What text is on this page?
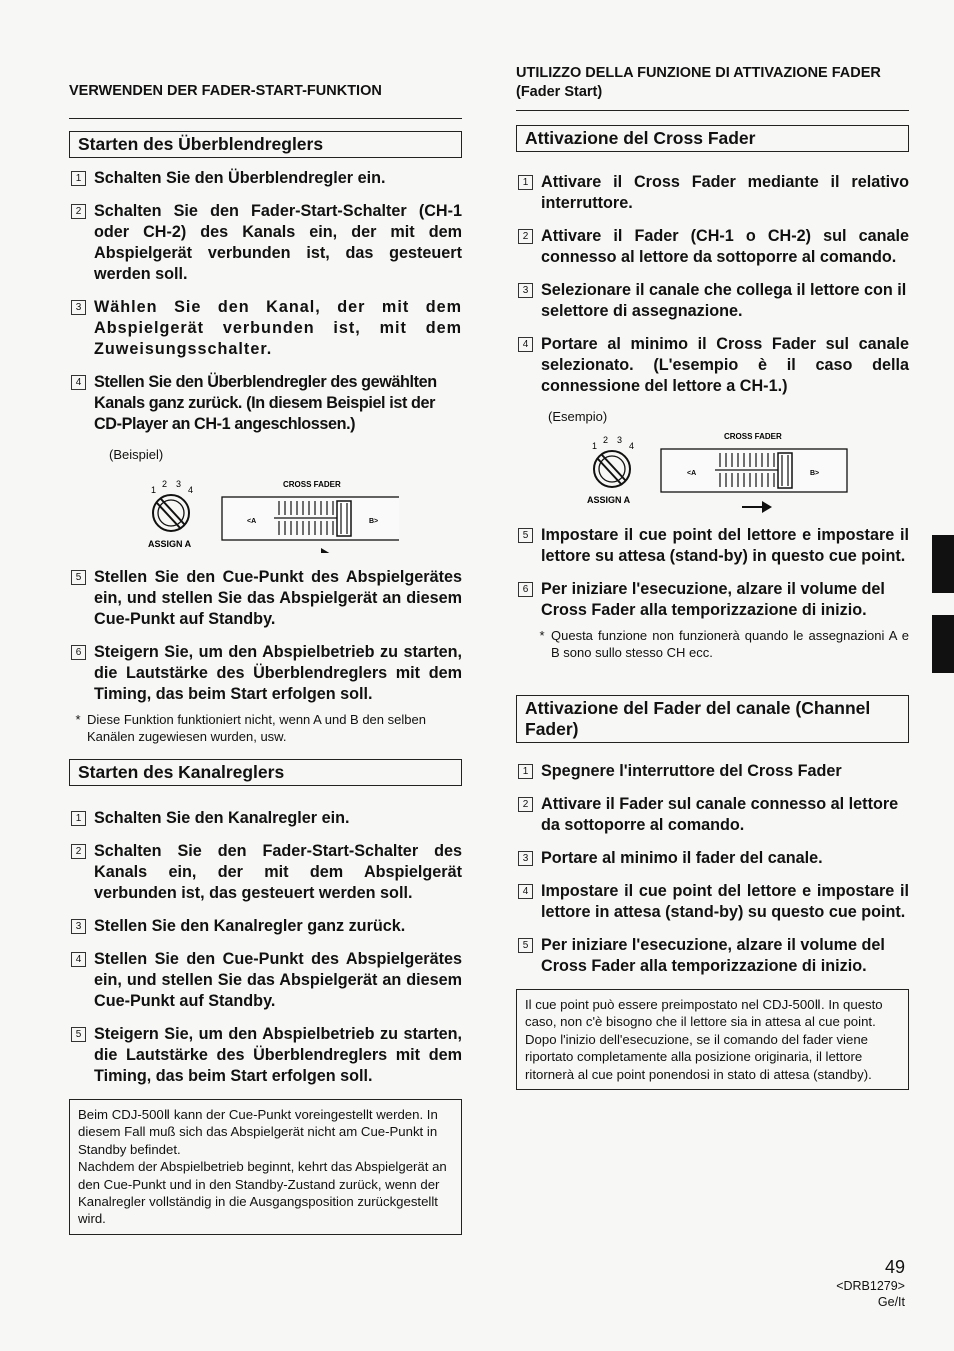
VERWENDEN DER FADER-START-FUNKTION

Starten des Überblendreglers
1 Schalten Sie den Überblendregler ein.
2 Schalten Sie den Fader-Start-Schalter (CH-1 oder CH-2) des Kanals ein, der mit dem Abspielgerät verbunden ist, das gesteuert werden soll.
3 Wählen Sie den Kanal, der mit dem Abspielgerät verbunden ist, mit dem Zuweisungsschalter.
4 Stellen Sie den Überblendregler des gewählten Kanals ganz zurück. (In diesem Beispiel ist der CD-Player an CH-1 angeschlossen.)
(Beispiel)
1
2 3
4
ASSIGN A
CROSS FADER
<A	B>
5 Stellen Sie den Cue-Punkt des Abspielgerätes ein, und stellen Sie das Abspielgerät an diesem Cue-Punkt auf Standby.
6 Steigern Sie, um den Abspielbetrieb zu starten, die Lautstärke des Überblendreglers mit dem Timing, das beim Start erfolgen soll.
* Diese Funktion funktioniert nicht, wenn A und B den selben Kanälen zugewiesen wurden, usw.
Starten des Kanalreglers
1 Schalten Sie den Kanalregler ein.
2 Schalten Sie den Fader-Start-Schalter des Kanals ein, der mit dem Abspielgerät verbunden ist, das gesteuert werden soll.
3 Stellen Sie den Kanalregler ganz zurück.
4 Stellen Sie den Cue-Punkt des Abspielgerätes ein, und stellen Sie das Abspielgerät an diesem Cue-Punkt auf Standby.
5 Steigern Sie, um den Abspielbetrieb zu starten, die Lautstärke des Überblendreglers mit dem Timing, das beim Start erfolgen soll.
Beim CDJ-500Ⅱ kann der Cue-Punkt voreingestellt werden. In diesem Fall muß sich das Abspielgerät nicht am Cue-Punkt in Standby befindet.
Nachdem der Abspielbetrieb beginnt, kehrt das Abspielgerät an den Cue-Punkt und in den Standby-Zustand zurück, wenn der Kanalregler vollständig in die Ausgangsposition zurückgestellt wird.

UTILIZZO DELLA FUNZIONE DI ATTIVAZIONE FADER (Fader Start)

Attivazione del Cross Fader
1 Attivare il Cross Fader mediante il relativo interruttore.
2 Attivare il Fader (CH-1 o CH-2) sul canale connesso al lettore da sottoporre al comando.
3 Selezionare il canale che collega il lettore con il selettore di assegnazione.
4 Portare al minimo il Cross Fader sul canale selezionato. (L'esempio è il caso della connessione del lettore a CH-1.)
(Esempio)
1
2 3
4
ASSIGN A
CROSS FADER
<A	B>
5 Impostare il cue point del lettore e impostare il lettore su attesa (stand-by) in questo cue point.
6 Per iniziare l'esecuzione, alzare il volume del Cross Fader alla temporizzazione di inizio.
* Questa funzione non funzionerà quando le assegnazioni A e B sono sullo stesso CH ecc.
Attivazione del Fader del canale (Channel Fader)
1 Spegnere l'interruttore del Cross Fader
2 Attivare il Fader sul canale connesso al lettore da sottoporre al comando.
3 Portare al minimo il fader del canale.
4 Impostare il cue point del lettore e impostare il lettore in attesa (stand-by) su questo cue point.
5 Per iniziare l'esecuzione, alzare il volume del Cross Fader alla temporizzazione di inizio.
Il cue point può essere preimpostato nel CDJ-500Ⅱ. In questo caso, non c'è bisogno che il lettore sia in attesa al cue point.
Dopo l'inizio dell'esecuzione, se il comando del fader viene riportato completamente alla posizione originaria, il lettore ritornerà al cue point ponendosi in stato di attesa (standby).
49
<DRB1279>
Ge/It
